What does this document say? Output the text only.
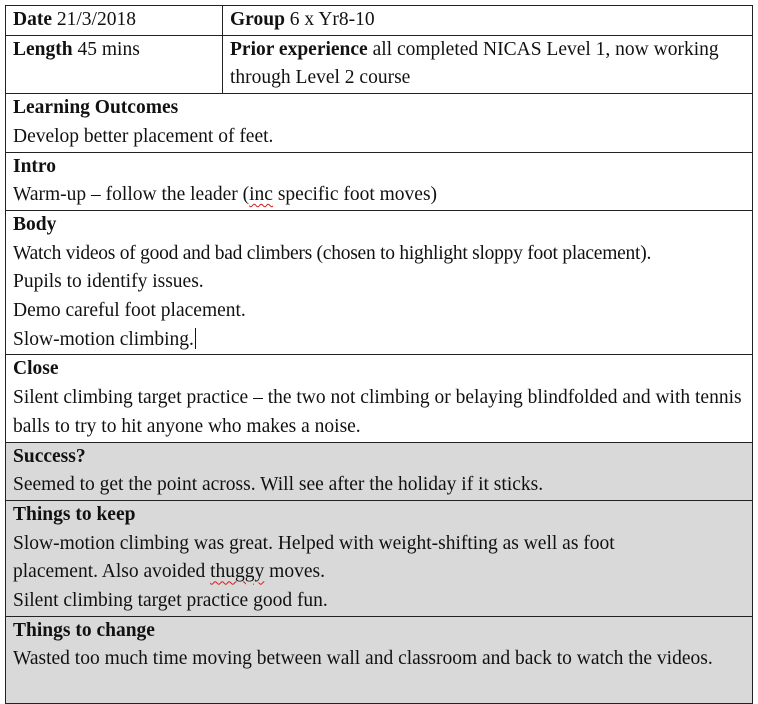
Date 21/3/2018	Group 6 x Yr8-10
Length 45 mins	Prior experience all completed NICAS Level 1, now working through Level 2 course

Learning Outcomes
Develop better placement of feet.	

Intro
Warm-up – follow the leader (inc specific foot moves)	

Body
Watch videos of good and bad climbers (chosen to highlight sloppy foot placement).
Pupils to identify issues.
Demo careful foot placement.
Slow-motion climbing.	

Close
Silent climbing target practice – the two not climbing or belaying blindfolded and with tennis balls to try to hit anyone who makes a noise.	

Success?
Seemed to get the point across. Will see after the holiday if it sticks.	

Things to keep
Slow-motion climbing was great. Helped with weight-shifting as well as foot placement. Also avoided thuggy moves.
Silent climbing target practice good fun.	

Things to change
Wasted too much time moving between wall and classroom and back to watch the videos.	
